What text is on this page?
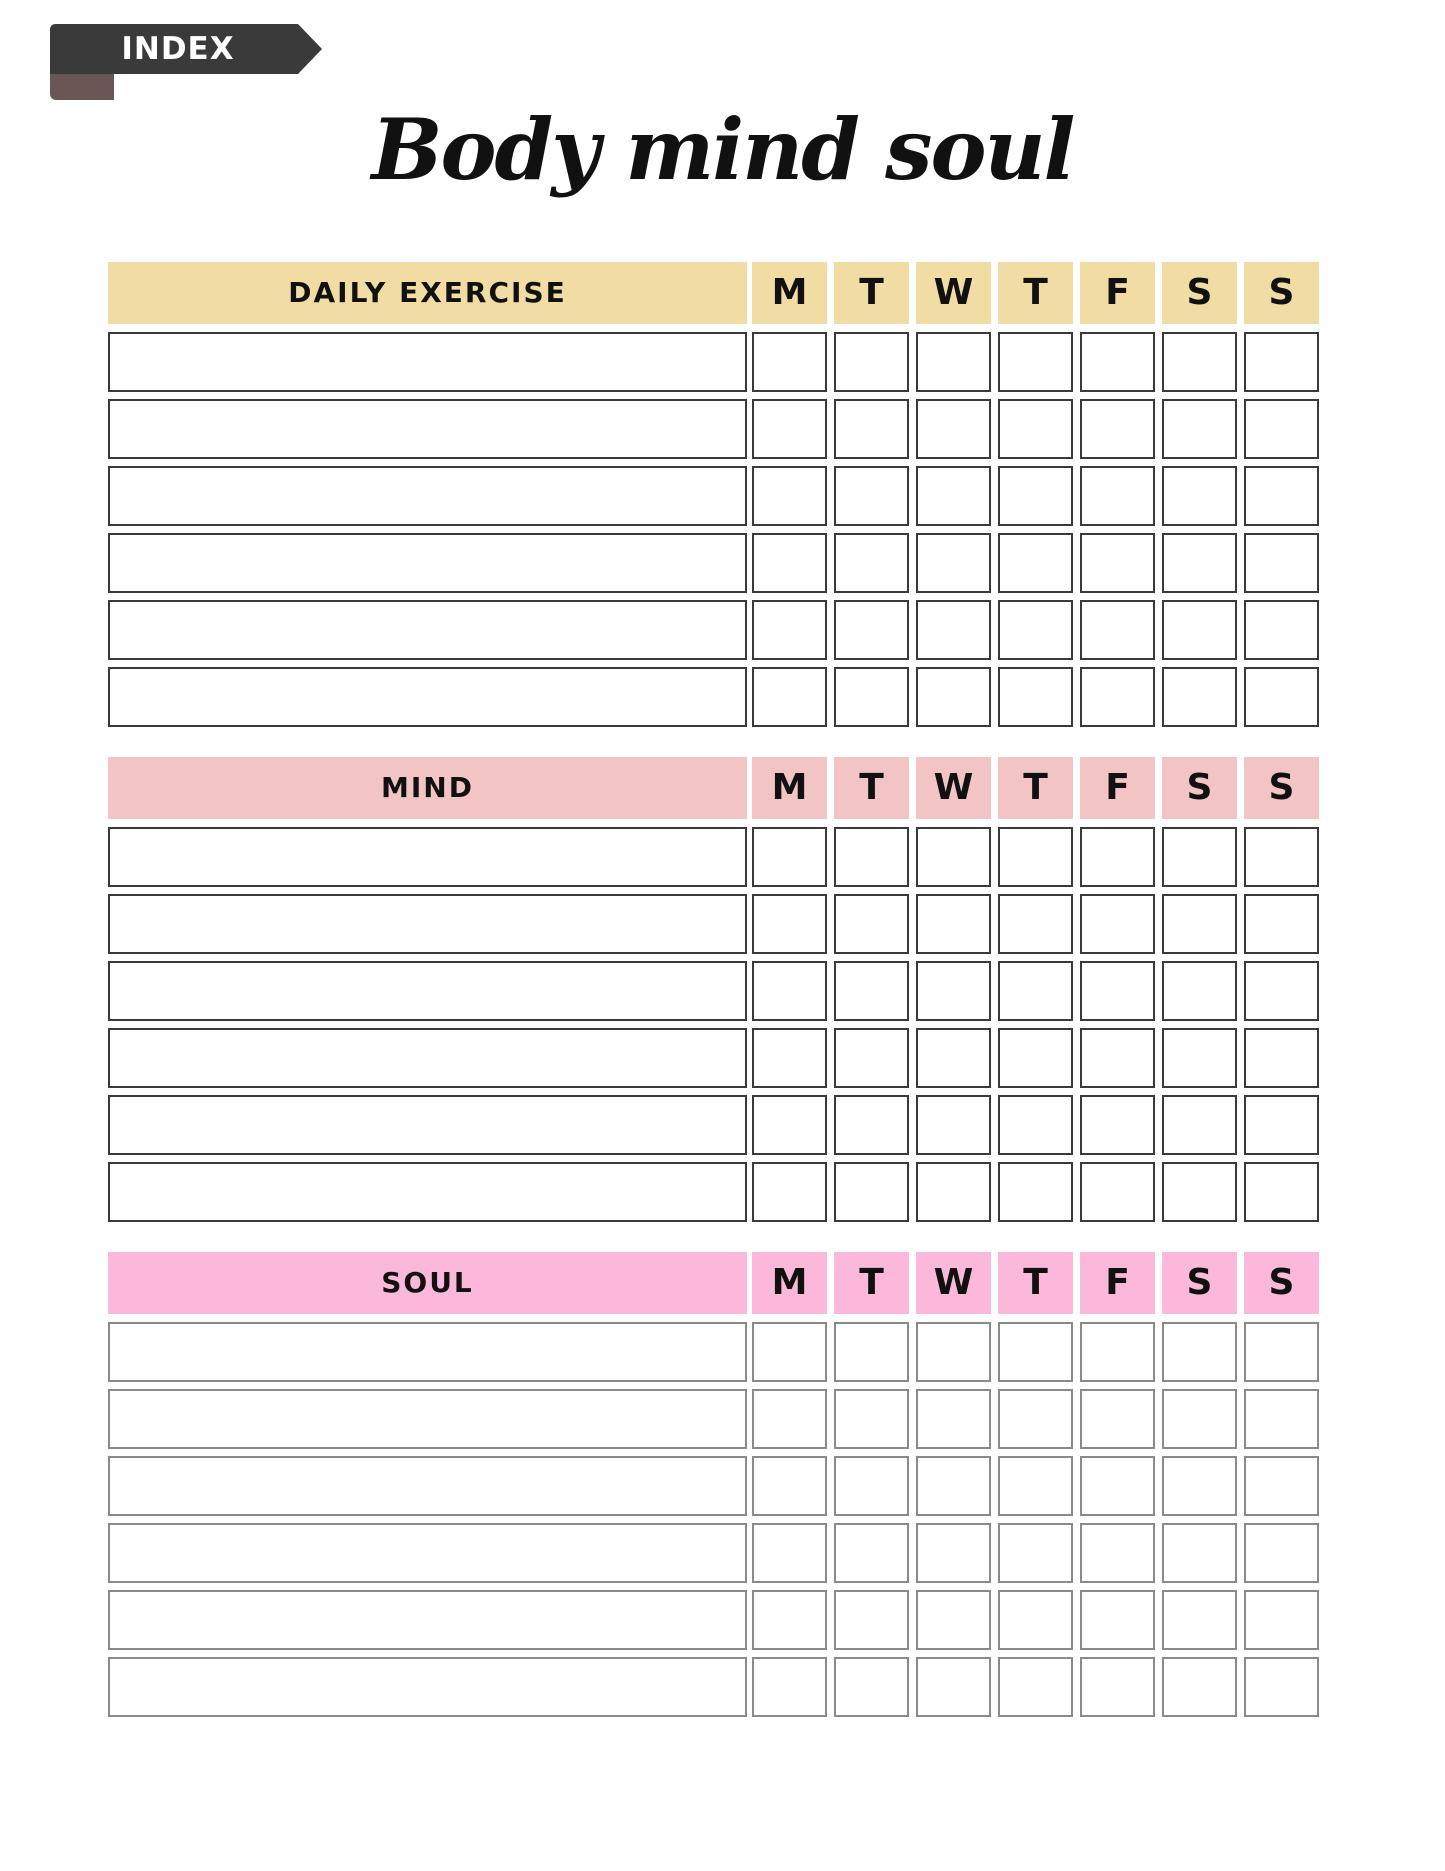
INDEX
Body mind soul
DAILY EXERCISE	M	T	W	T	F	S	S
MIND	M	T	W	T	F	S	S
SOUL	M	T	W	T	F	S	S
